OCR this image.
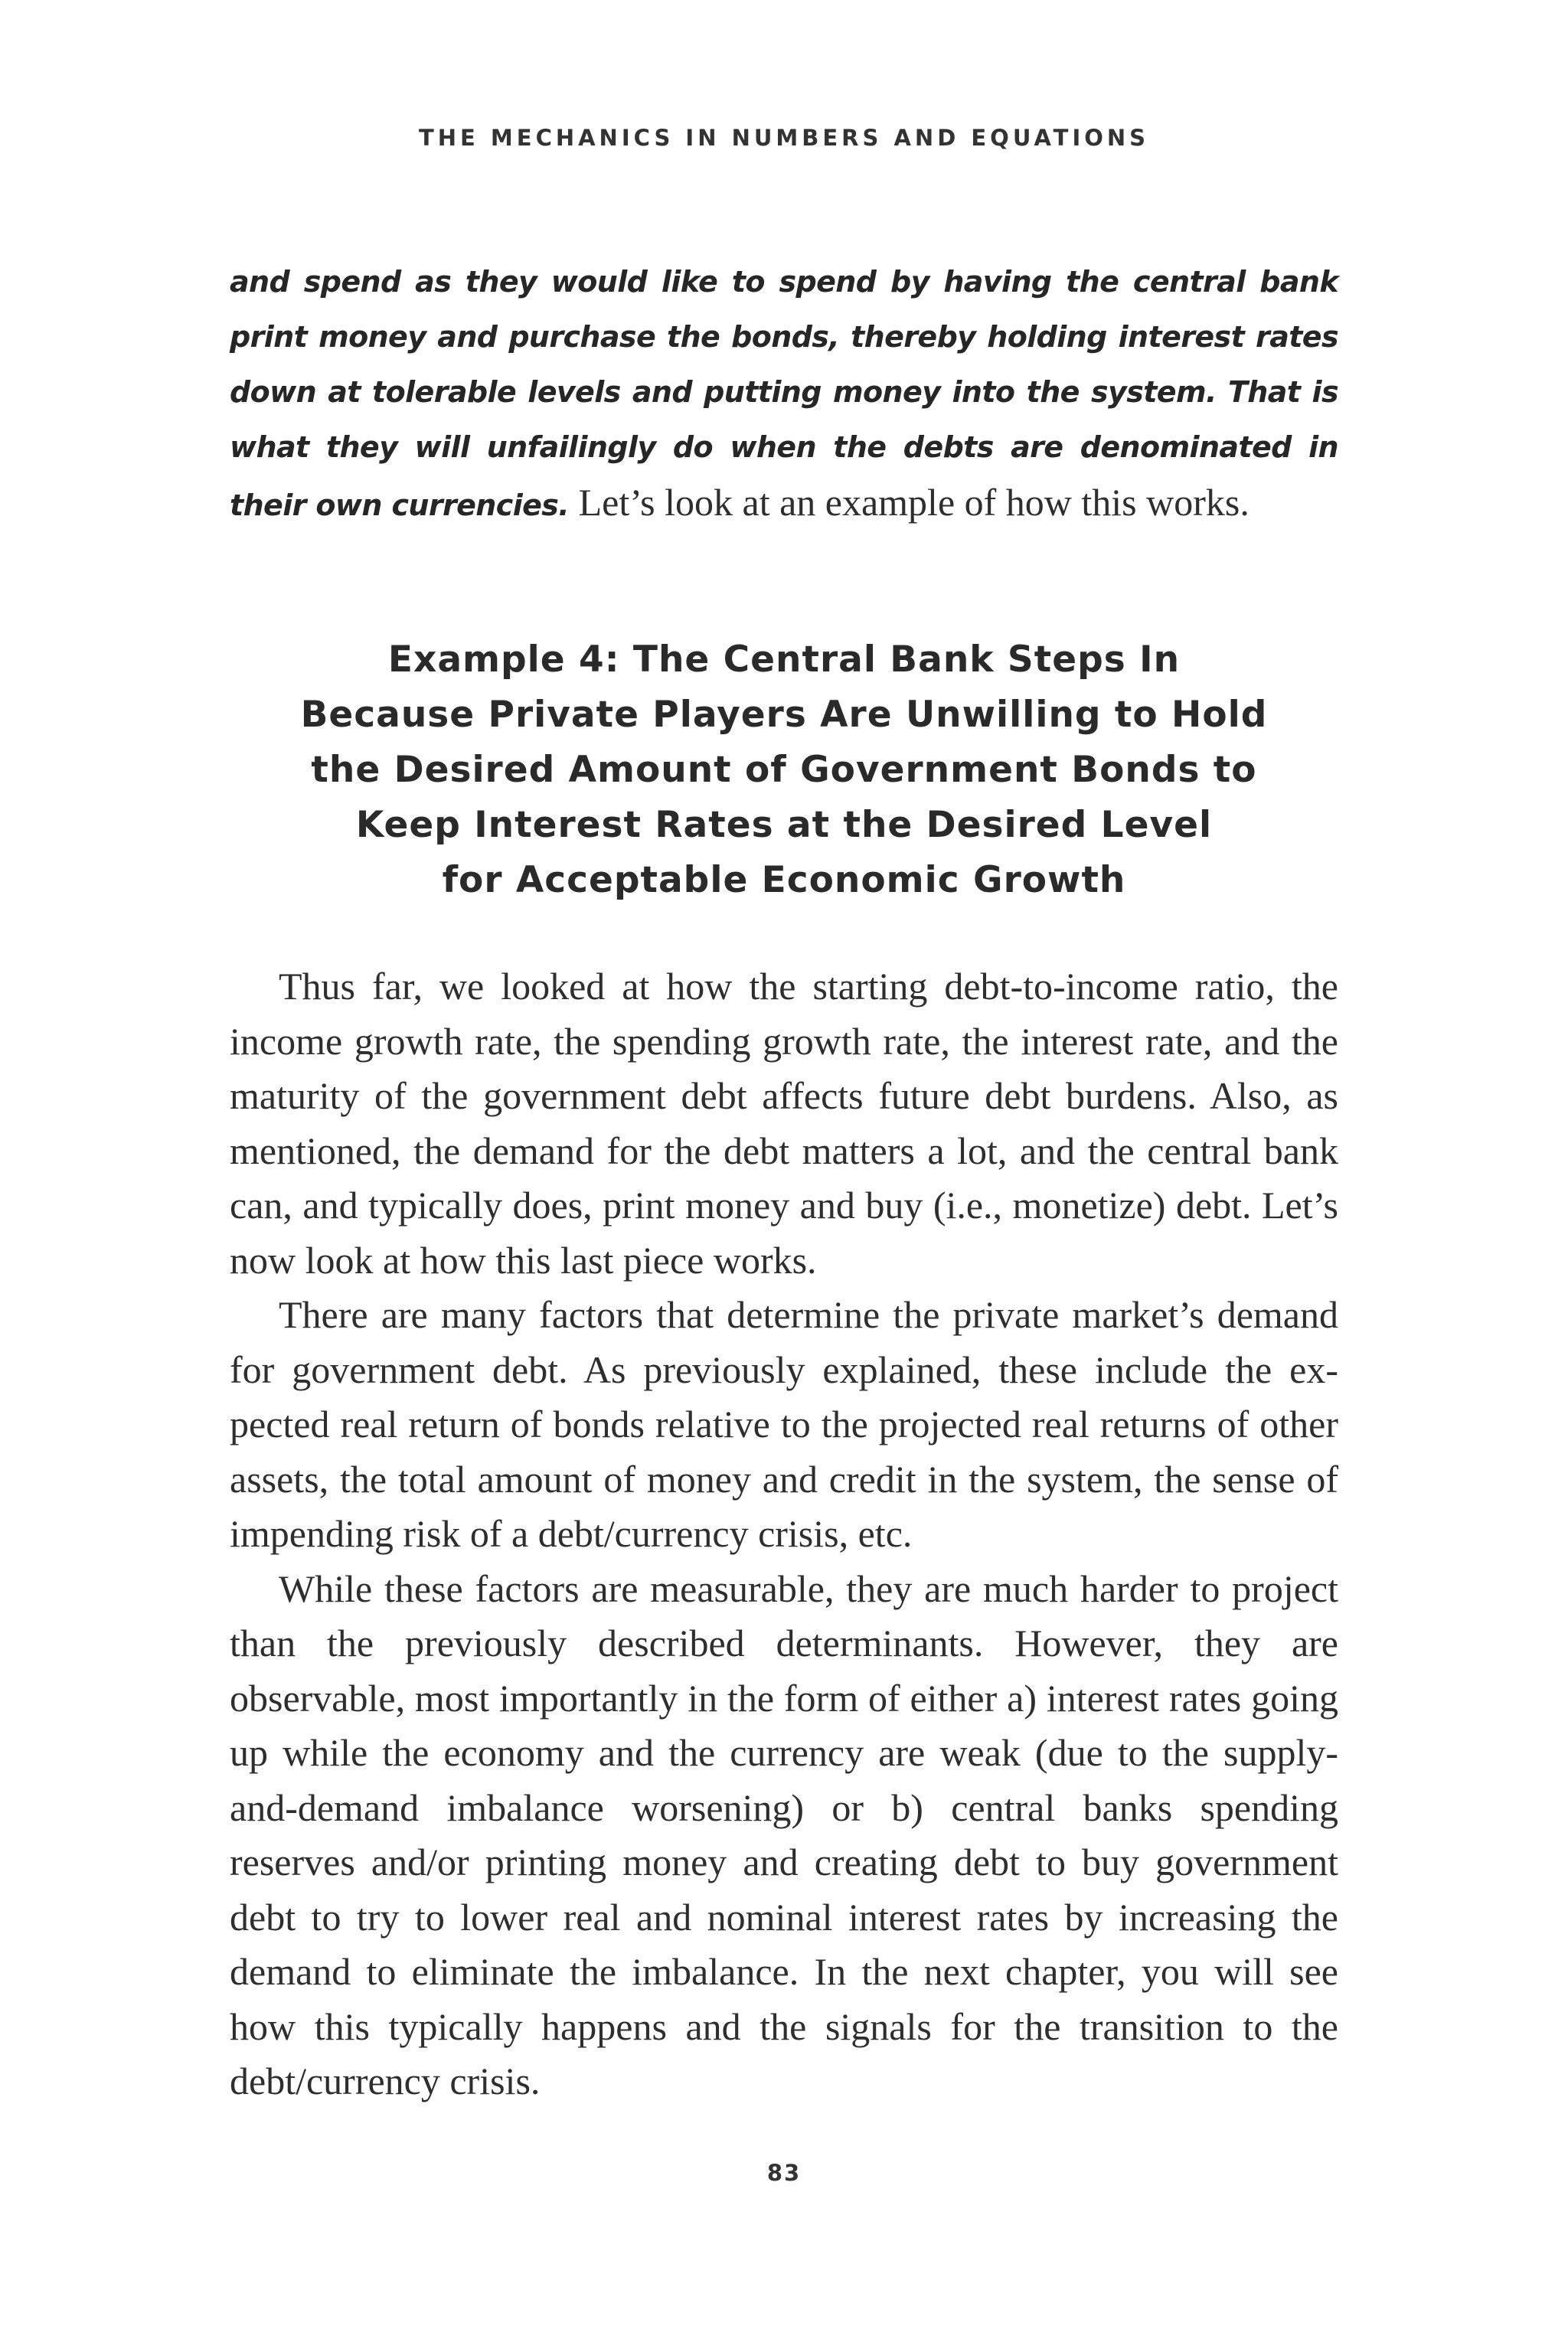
THE MECHANICS IN NUMBERS AND EQUATIONS
and spend as they would like to spend by having the central bank print money and purchase the bonds, thereby holding interest rates down at tolerable levels and putting money into the system. That is what they will unfailingly do when the debts are denominated in their own currencies. Let’s look at an example of how this works.
Example 4: The Central Bank Steps In
Because Private Players Are Unwilling to Hold
the Desired Amount of Government Bonds to
Keep Interest Rates at the Desired Level
for Acceptable Economic Growth

Thus far, we looked at how the starting debt-to-income ratio, the income growth rate, the spending growth rate, the interest rate, and the maturity of the government debt affects future debt burdens. Also, as mentioned, the demand for the debt matters a lot, and the central bank can, and typically does, print money and buy (i.e., monetize) debt. Let’s now look at how this last piece works.

There are many factors that determine the private market’s demand for government debt. As previously explained, these include the expected real return of bonds relative to the projected real returns of other assets, the total amount of money and credit in the system, the sense of impending risk of a debt/currency crisis, etc.

While these factors are measurable, they are much harder to project than the previously described determinants. However, they are observable, most importantly in the form of either a) interest rates going up while the economy and the currency are weak (due to the supply-and-demand imbalance worsening) or b) central banks spending reserves and/or printing money and creating debt to buy government debt to try to lower real and nominal interest rates by increasing the demand to eliminate the imbalance. In the next chapter, you will see how this typically happens and the signals for the transition to the debt/currency crisis.

83
